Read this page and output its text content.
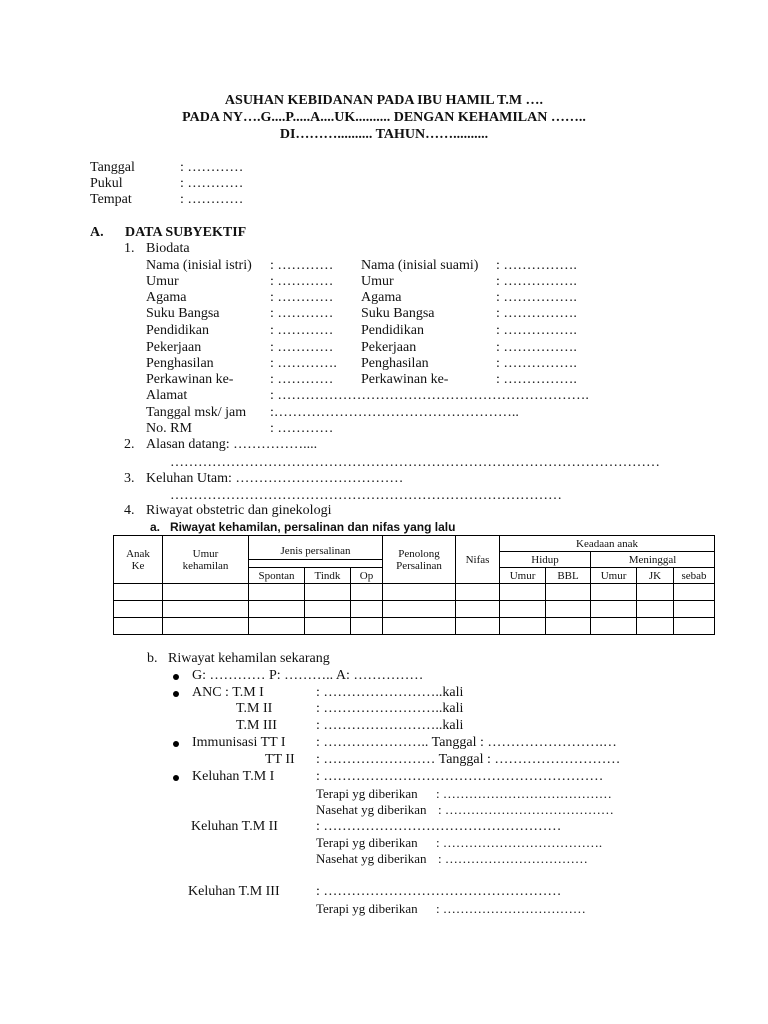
ASUHAN KEBIDANAN PADA IBU HAMIL T.M ….
PADA NY….G....P.....A....UK.......... DENGAN KEHAMILAN ……..
DI……….......... TAHUN……..........
Tanggal	: …………
Pukul	: …………
Tempat	: …………
A. DATA SUBYEKTIF
1. Biodata
Nama (inisial istri) : ………… Nama (inisial suami) : …………….
Umur	: ………… Umur	: …………….
Agama	: ………… Agama	: …………….
Suku Bangsa	: ………… Suku Bangsa	: …………….
Pendidikan	: ………… Pendidikan	: …………….
Pekerjaan	: ………… Pekerjaan	: …………….
Penghasilan	: …………. Penghasilan	: …………….
Perkawinan ke-	: ………… Perkawinan ke-	: …………….
Alamat	: ………………………………………………………….
Tanggal msk/ jam :……………………………………………..
No. RM	: …………
2. Alasan datang: ……………....
……………………………………………………………………………………………
3. Keluhan Utam: ………………………………
…………………………………………………………………………
4. Riwayat obstetric dan ginekologi
a. Riwayat kehamilan, persalinan dan nifas yang lalu
Anak Ke	Umur kehamilan	Jenis persalinan			Penolong Persalinan	Nifas	Keadaan anak				
							Hidup		Meninggal		
		Spontan	Tindk	Op			Umur	BBL	Umur	JK	sebab

b. Riwayat kehamilan sekarang
G: ………… P: ……….. A: ……………
ANC : T.M I	: ……………………..kali
T.M II	: ……………………..kali
T.M III	: ……………………..kali
Immunisasi TT I : ………………….. Tanggal : …………………….…
TT II : …………………… Tanggal : ………………………
Keluhan T.M I	: ……………………………………………………
Terapi yg diberikan : …………………………………
Nasehat yg diberikan : …………………………………
Keluhan T.M II	: ……………………………………………
Terapi yg diberikan : ……………………………….
Nasehat yg diberikan : ……………………………
Keluhan T.M III	: ……………………………………………
Terapi yg diberikan : ……………………………
